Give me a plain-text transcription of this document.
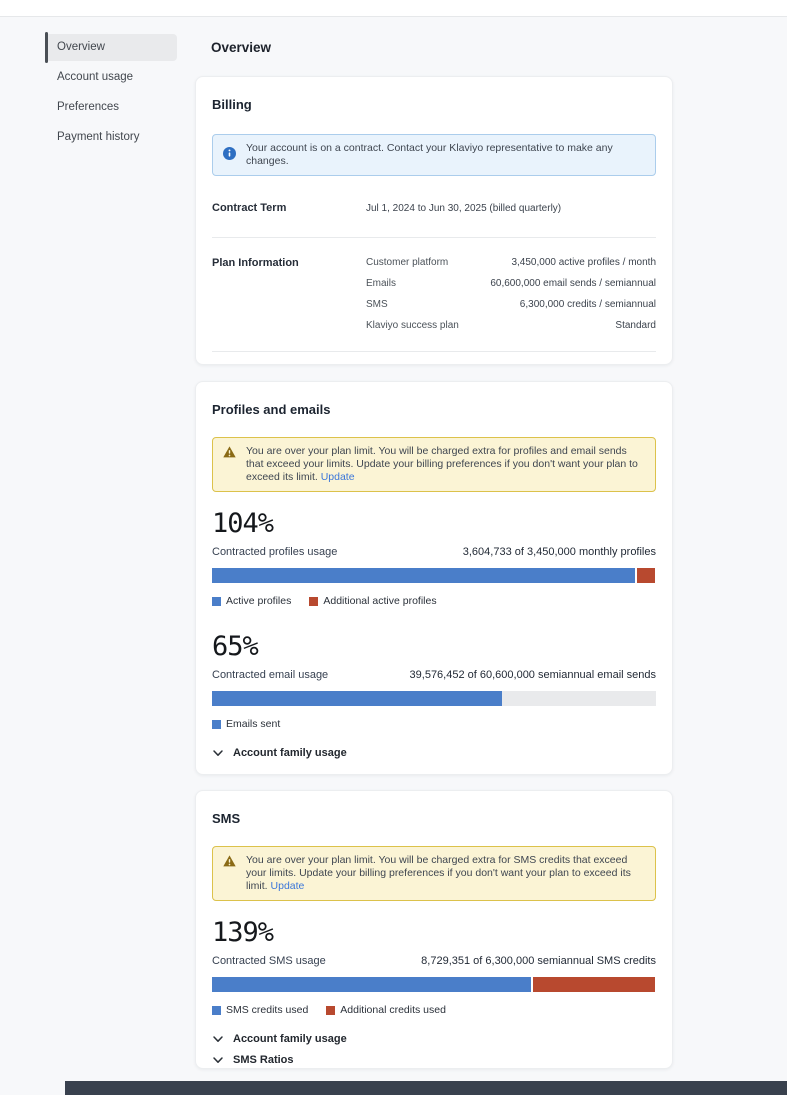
Overview
Account usage
Preferences
Payment history
Overview
Billing
Your account is on a contract. Contact your Klaviyo representative to make any changes.
Contract Term	Jul 1, 2024 to Jun 30, 2025 (billed quarterly)
Plan Information	Customer platform	3,450,000 active profiles / month
Emails	60,600,000 email sends / semiannual
SMS	6,300,000 credits / semiannual
Klaviyo success plan	Standard
Profiles and emails
You are over your plan limit. You will be charged extra for profiles and email sends that exceed your limits. Update your billing preferences if you don't want your plan to exceed its limit. Update
104%
Contracted profiles usage	3,604,733 of 3,450,000 monthly profiles
Active profiles	Additional active profiles
65%
Contracted email usage	39,576,452 of 60,600,000 semiannual email sends
Emails sent
Account family usage
SMS
You are over your plan limit. You will be charged extra for SMS credits that exceed your limits. Update your billing preferences if you don't want your plan to exceed its limit. Update
139%
Contracted SMS usage	8,729,351 of 6,300,000 semiannual SMS credits
SMS credits used	Additional credits used
Account family usage
SMS Ratios
